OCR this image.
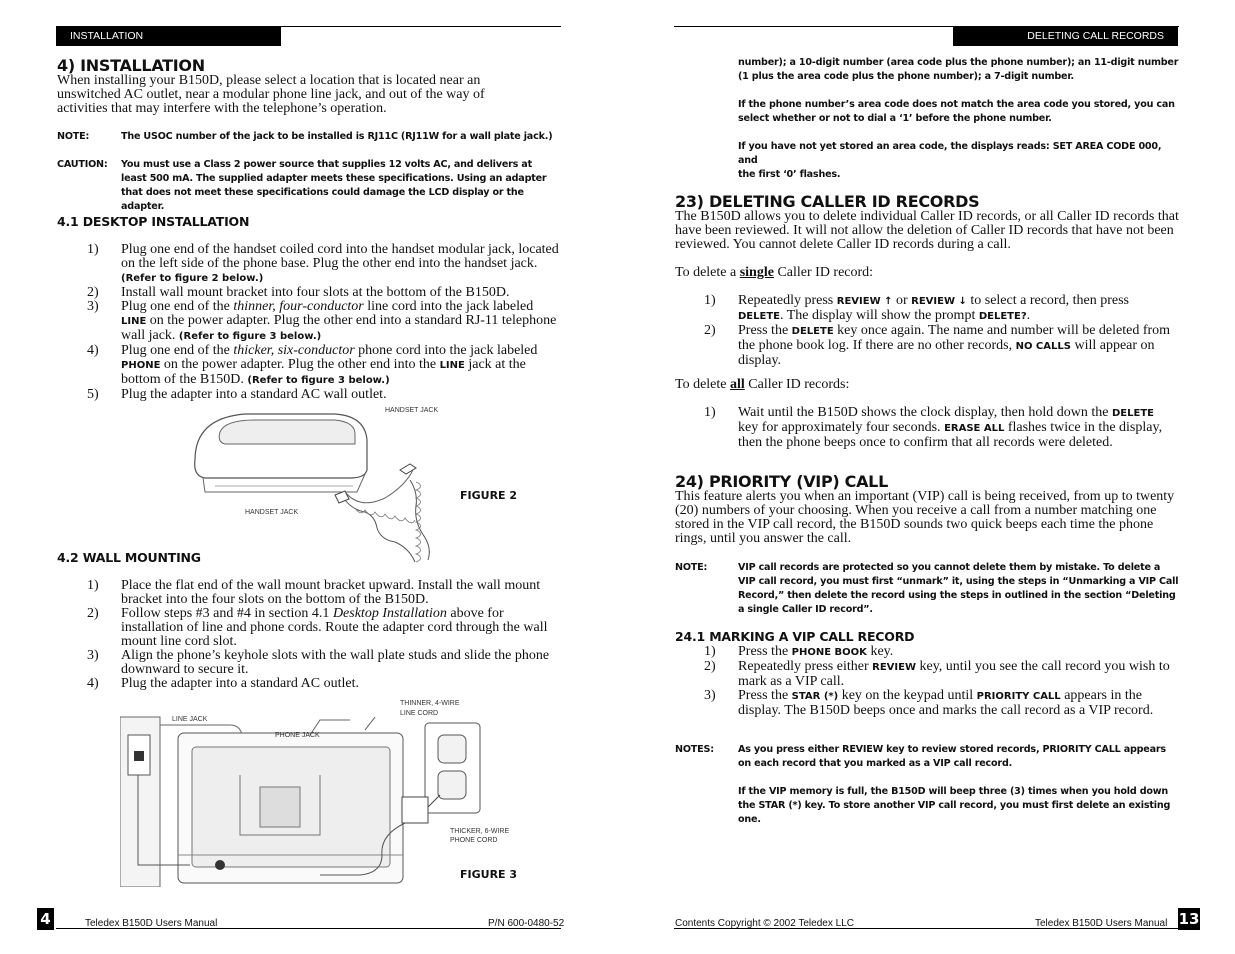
INSTALLATION
4) INSTALLATION
When installing your B150D, please select a location that is located near an unswitched AC outlet, near a modular phone line jack, and out of the way of activities that may interfere with the telephone’s operation.
NOTE:	The USOC number of the jack to be installed is RJ11C (RJ11W for a wall plate jack.)
CAUTION: You must use a Class 2 power source that supplies 12 volts AC, and delivers at least 500 mA. The supplied adapter meets these specifications. Using an adapter that does not meet these specifications could damage the LCD display or the adapter.
4.1 DESKTOP INSTALLATION
1) Plug one end of the handset coiled cord into the handset modular jack, located on the left side of the phone base. Plug the other end into the handset jack. (Refer to figure 2 below.)
2) Install wall mount bracket into four slots at the bottom of the B150D.
3) Plug one end of the thinner, four-conductor line cord into the jack labeled LINE on the power adapter. Plug the other end into a standard RJ-11 telephone wall jack. (Refer to figure 3 below.)
4) Plug one end of the thicker, six-conductor phone cord into the jack labeled PHONE on the power adapter. Plug the other end into the LINE jack at the bottom of the B150D. (Refer to figure 3 below.)
5) Plug the adapter into a standard AC wall outlet.
HANDSET JACK
HANDSET JACK
FIGURE 2
4.2 WALL MOUNTING
1) Place the flat end of the wall mount bracket upward. Install the wall mount bracket into the four slots on the bottom of the B150D.
2) Follow steps #3 and #4 in section 4.1 Desktop Installation above for installation of line and phone cords. Route the adapter cord through the wall mount line cord slot.
3) Align the phone’s keyhole slots with the wall plate studs and slide the phone downward to secure it.
4) Plug the adapter into a standard AC outlet.
LINE JACK
PHONE JACK
THINNER, 4-WIRE
LINE CORD
THICKER, 6-WIRE
PHONE CORD
FIGURE 3
4	Teledex B150D Users Manual	P/N 600-0480-52
DELETING CALL RECORDS
number); a 10-digit number (area code plus the phone number); an 11-digit number
(1 plus the area code plus the phone number); a 7-digit number.
If the phone number’s area code does not match the area code you stored, you can
select whether or not to dial a ‘1’ before the phone number.
If you have not yet stored an area code, the displays reads: SET AREA CODE 000, and
the first ‘0’ flashes.
23) DELETING CALLER ID RECORDS
The B150D allows you to delete individual Caller ID records, or all Caller ID records that have been reviewed. It will not allow the deletion of Caller ID records that have not been reviewed. You cannot delete Caller ID records during a call.
To delete a single Caller ID record:
1) Repeatedly press REVIEW ↑ or REVIEW ↓ to select a record, then press DELETE. The display will show the prompt DELETE?.
2) Press the DELETE key once again. The name and number will be deleted from the phone book log. If there are no other records, NO CALLS will appear on display.
To delete all Caller ID records:
1) Wait until the B150D shows the clock display, then hold down the DELETE key for approximately four seconds. ERASE ALL flashes twice in the display, then the phone beeps once to confirm that all records were deleted.
24) PRIORITY (VIP) CALL
This feature alerts you when an important (VIP) call is being received, from up to twenty (20) numbers of your choosing. When you receive a call from a number matching one stored in the VIP call record, the B150D sounds two quick beeps each time the phone rings, until you answer the call.
NOTE:	VIP call records are protected so you cannot delete them by mistake. To delete a VIP call record, you must first “unmark” it, using the steps in “Unmarking a VIP Call Record,” then delete the record using the steps in outlined in the section “Deleting a single Caller ID record”.
24.1 MARKING A VIP CALL RECORD
1) Press the PHONE BOOK key.
2) Repeatedly press either REVIEW key, until you see the call record you wish to mark as a VIP call.
3) Press the STAR (*) key on the keypad until PRIORITY CALL appears in the display. The B150D beeps once and marks the call record as a VIP record.
NOTES:	As you press either REVIEW key to review stored records, PRIORITY CALL appears on each record that you marked as a VIP call record.
If the VIP memory is full, the B150D will beep three (3) times when you hold down the STAR (*) key. To store another VIP call record, you must first delete an existing one.
Contents Copyright © 2002 Teledex LLC	Teledex B150D Users Manual 13
